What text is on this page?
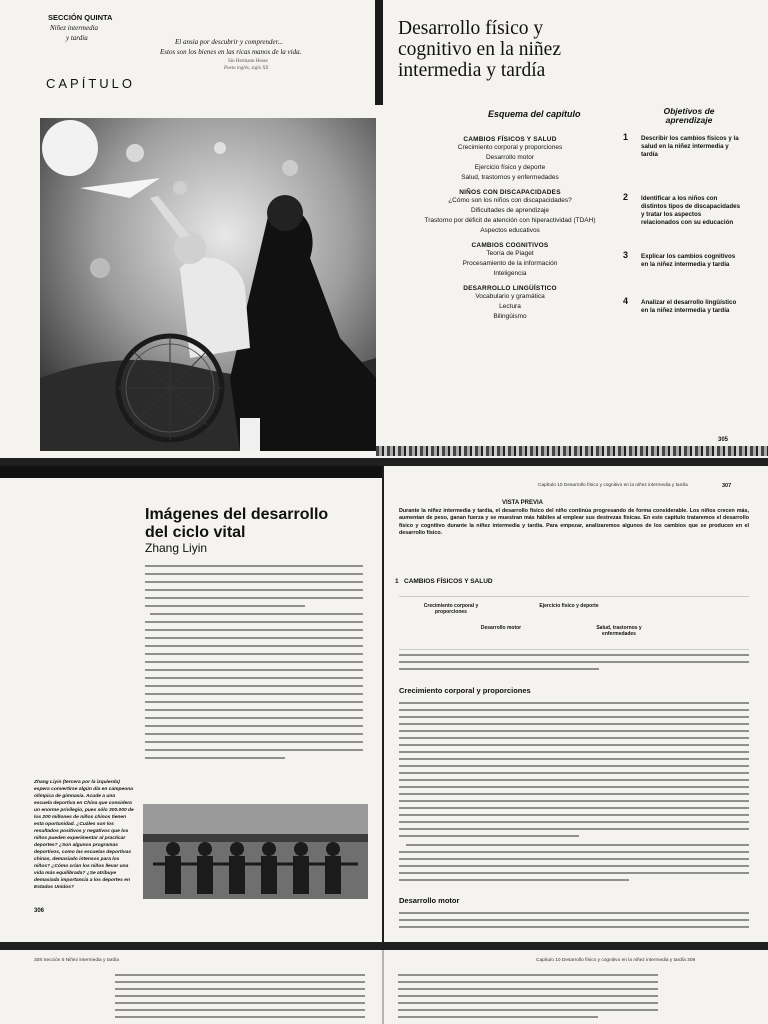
SECCIÓN QUINTA
Niñez intermedia
y tardía	El ansia por descubrir y comprender...
Estos son los bienes en las ricas manos de la vida.
Sin Hermann Hesse
Poeta inglés, siglo XX
CAPÍTULO
Desarrollo físico y
cognitivo en la niñez
intermedia y tardía
Esquema del capítulo	Objetivos de
aprendizaje
CAMBIOS FÍSICOS Y SALUD
Crecimiento corporal y proporciones
Desarrollo motor
Ejercicio físico y deporte
Salud, trastornos y enfermedades
NIÑOS CON DISCAPACIDADES
¿Cómo son los niños con discapacidades?
Dificultades de aprendizaje
Trastorno por déficit de atención con hiperactividad (TDAH)
Aspectos educativos
CAMBIOS COGNITIVOS
Teoría de Piaget
Procesamiento de la información
Inteligencia
DESARROLLO LINGÜÍSTICO
Vocabulario y gramática
Lectura
Bilingüismo
1 Describir los cambios físicos y la salud en la niñez intermedia y tardía
2 Identificar a los niños con distintos tipos de discapacidades y tratar los aspectos relacionados con su educación
3 Explicar los cambios cognitivos en la niñez intermedia y tardía
4 Analizar el desarrollo lingüístico en la niñez intermedia y tardía
305
Imágenes del desarrollo
del ciclo vital
Zhang Liyin
Zhang Liyin (tercera por la izquierda) espera convertirse algún día en campeona olímpica de gimnasia. Acude a una escuela deportiva en China que considera un enorme privilegio, pues sólo 300.000 de los 200 millones de niños chinos tienen esta oportunidad. ¿Cuáles son los resultados positivos y negativos que los niños pueden experimentar al practicar deportes? ¿Son algunos programas deportivos, como las escuelas deportivas chinas, demasiado intensos para los niños? ¿Cómo crían los niños llevar una vida más equilibrada? ¿Se atribuye demasiada importancia a los deportes en Estados Unidos?
306
Capítulo 10 Desarrollo físico y cognitivo en la niñez intermedia y tardía	307
VISTA PREVIA
Durante la niñez intermedia y tardía, el desarrollo físico del niño continúa progresando de forma considerable. Los niños crecen más, aumentan de peso, ganan fuerza y se muestran más hábiles al emplear sus destrezas físicas. En este capítulo trataremos el desarrollo físico y cognitivo durante la niñez intermedia y tardía. Para empezar, analizaremos algunos de los cambios que se producen en el desarrollo físico.
1 CAMBIOS FÍSICOS Y SALUD
Crecimiento corporal y proporciones
Ejercicio físico y deporte
Desarrollo motor	Salud, trastornos y enfermedades
Crecimiento corporal y proporciones
Desarrollo motor
308 Sección 5 Niñez intermedia y tardía	Capítulo 10 Desarrollo físico y cognitivo en la niñez intermedia y tardía 309
